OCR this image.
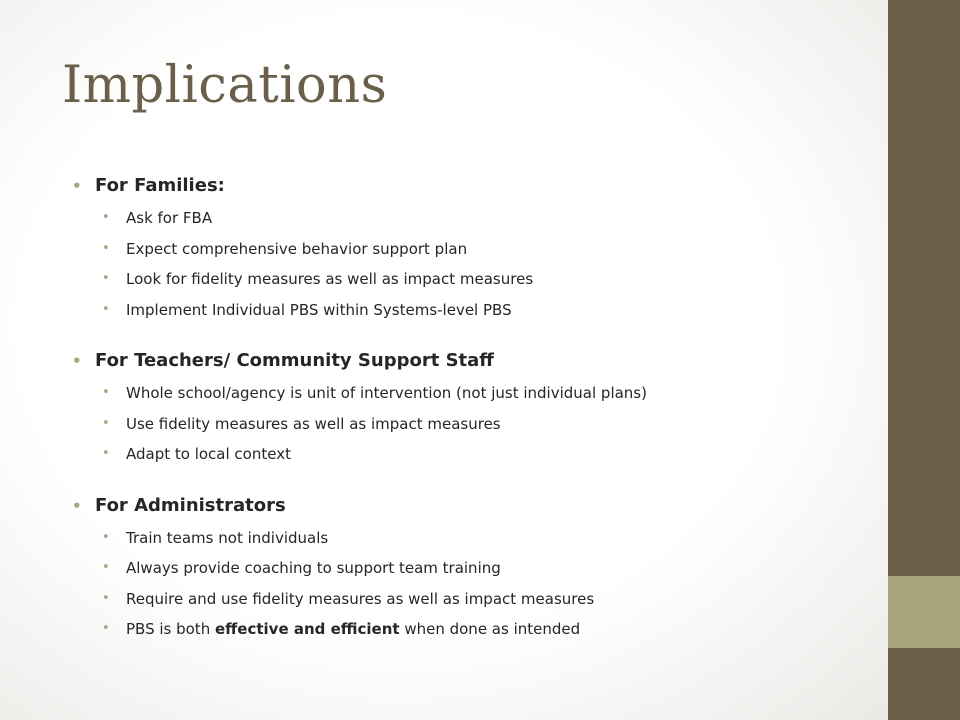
Implications
• For Families:
• Ask for FBA
• Expect comprehensive behavior support plan
• Look for fidelity measures as well as impact measures
• Implement Individual PBS within Systems-level PBS
• For Teachers/ Community Support Staff
• Whole school/agency is unit of intervention (not just individual plans)
• Use fidelity measures as well as impact measures
• Adapt to local context
• For Administrators
• Train teams not individuals
• Always provide coaching to support team training
• Require and use fidelity measures as well as impact measures
• PBS is both effective and efficient when done as intended
